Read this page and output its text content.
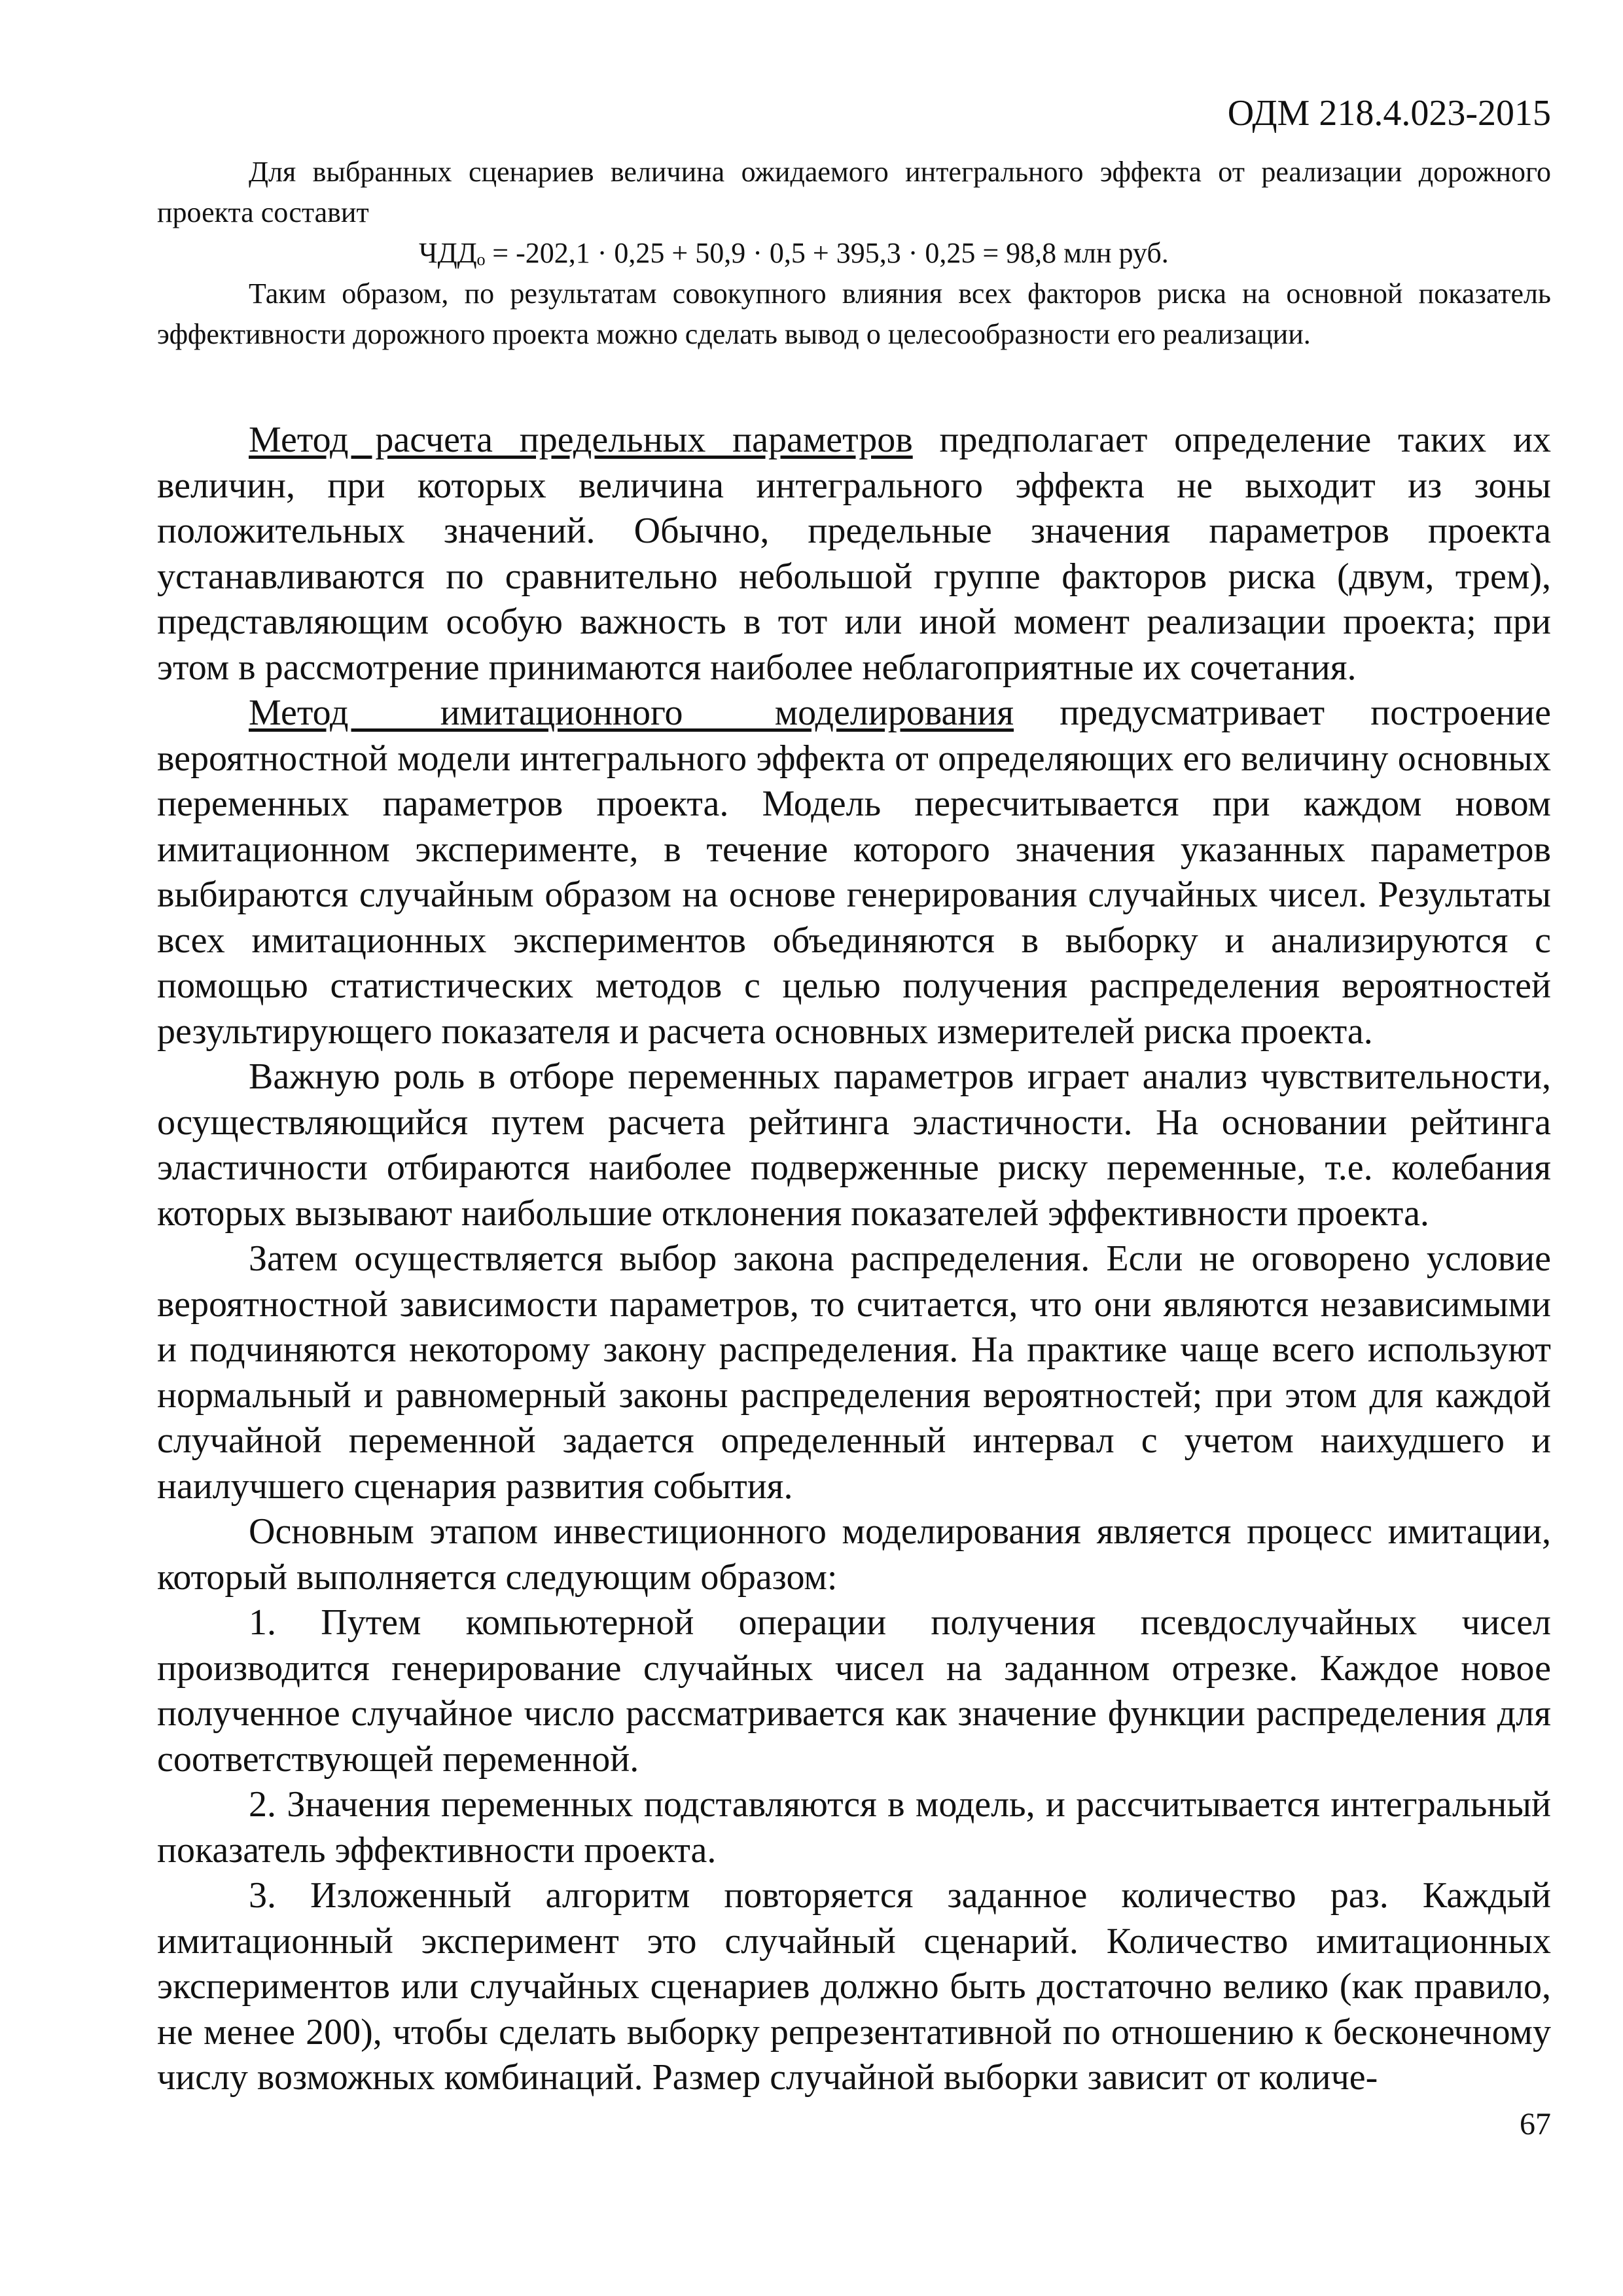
ОДМ 218.4.023-2015

Для выбранных сценариев величина ожидаемого интегрального эффекта от реализации дорожного проекта составит

ЧДДₒ = -202,1 · 0,25 + 50,9 · 0,5 + 395,3 · 0,25 = 98,8 млн руб.

Таким образом, по результатам совокупного влияния всех факторов риска на основной показатель эффективности дорожного проекта можно сделать вывод о целесообразности его реализации.

Метод расчета предельных параметров предполагает определение таких их величин, при которых величина интегрального эффекта не выходит из зоны положительных значений. Обычно, предельные значения параметров проекта устанавливаются по сравнительно небольшой группе факторов риска (двум, трем), представляющим особую важность в тот или иной момент реализации проекта; при этом в рассмотрение принимаются наиболее неблагоприятные их сочетания.

Метод имитационного моделирования предусматривает построение вероятностной модели интегрального эффекта от определяющих его величину основных переменных параметров проекта. Модель пересчитывается при каждом новом имитационном эксперименте, в течение которого значения указанных параметров выбираются случайным образом на основе генерирования случайных чисел. Результаты всех имитационных экспериментов объединяются в выборку и анализируются с помощью статистических методов с целью получения распределения вероятностей результирующего показателя и расчета основных измерителей риска проекта.

Важную роль в отборе переменных параметров играет анализ чувствительности, осуществляющийся путем расчета рейтинга эластичности. На основании рейтинга эластичности отбираются наиболее подверженные риску переменные, т.е. колебания которых вызывают наибольшие отклонения показателей эффективности проекта.

Затем осуществляется выбор закона распределения. Если не оговорено условие вероятностной зависимости параметров, то считается, что они являются независимыми и подчиняются некоторому закону распределения. На практике чаще всего используют нормальный и равномерный законы распределения вероятностей; при этом для каждой случайной переменной задается определенный интервал с учетом наихудшего и наилучшего сценария развития события.

Основным этапом инвестиционного моделирования является процесс имитации, который выполняется следующим образом:

1. Путем компьютерной операции получения псевдослучайных чисел производится генерирование случайных чисел на заданном отрезке. Каждое новое полученное случайное число рассматривается как значение функции распределения для соответствующей переменной.

2. Значения переменных подставляются в модель, и рассчитывается интегральный показатель эффективности проекта.

3. Изложенный алгоритм повторяется заданное количество раз. Каждый имитационный эксперимент это случайный сценарий. Количество имитационных экспериментов или случайных сценариев должно быть достаточно велико (как правило, не менее 200), чтобы сделать выборку репрезентативной по отношению к бесконечному числу возможных комбинаций. Размер случайной выборки зависит от количе-

67
